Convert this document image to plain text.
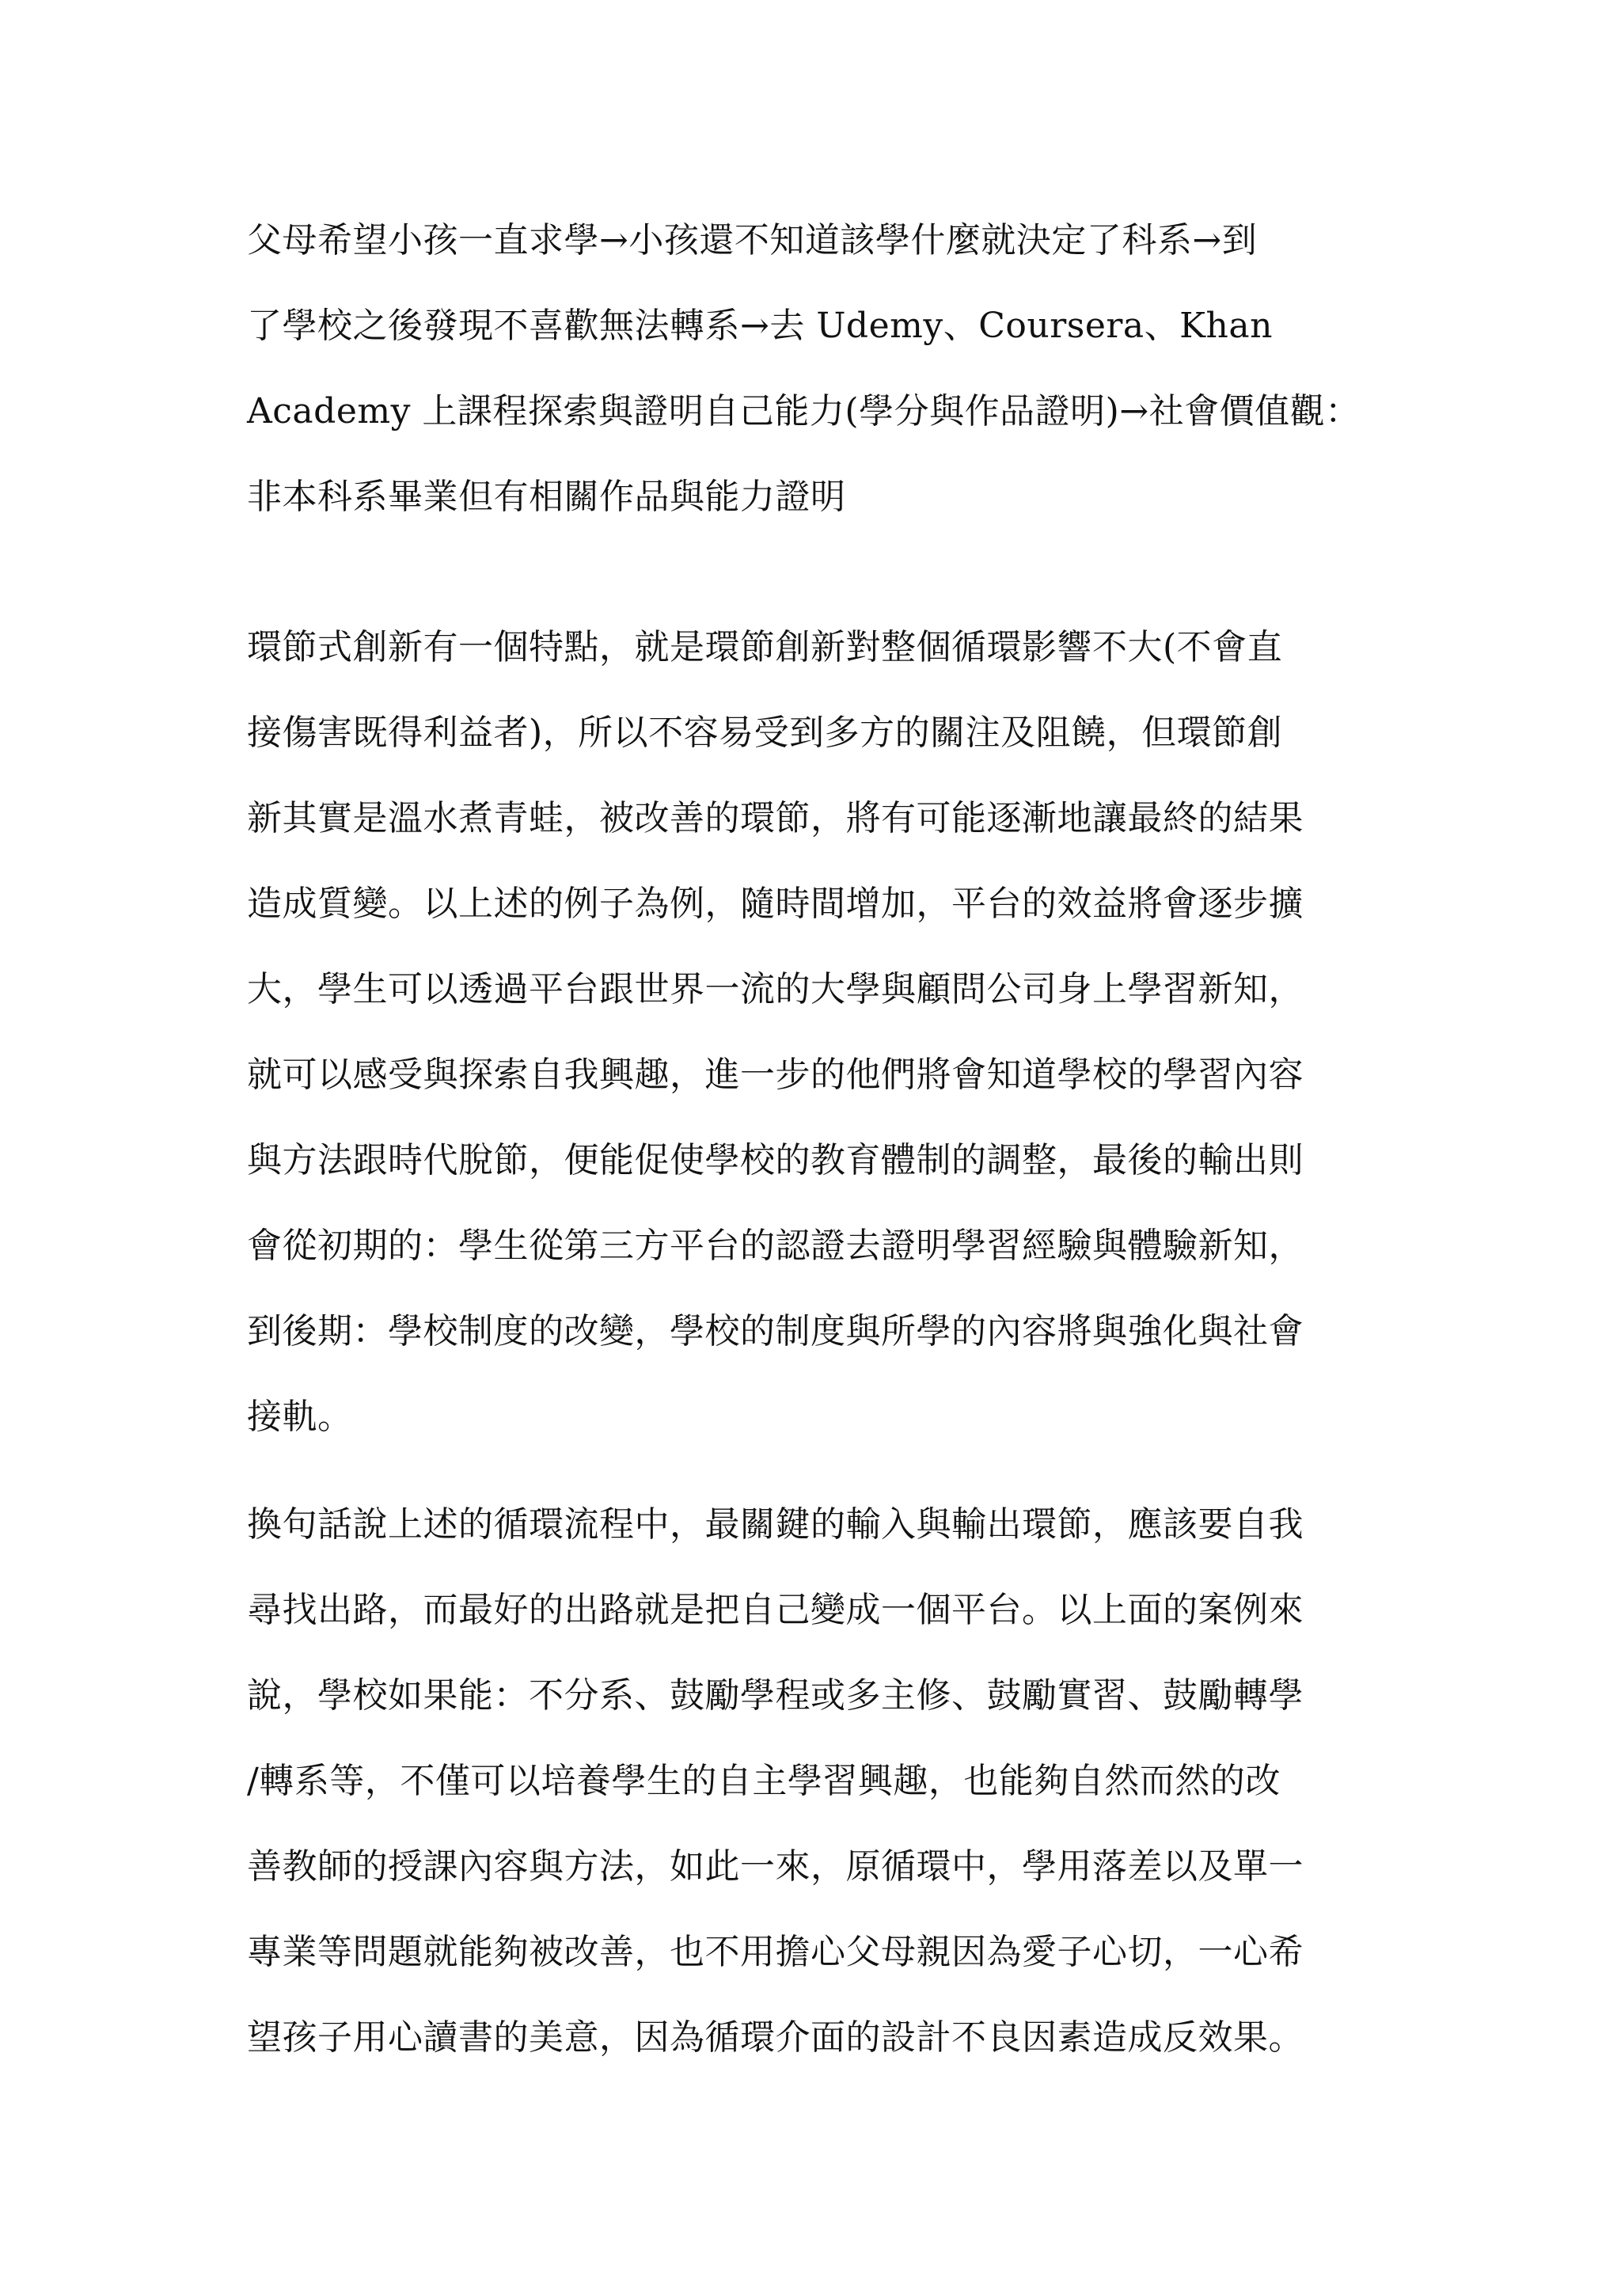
父母希望小孩一直求學→小孩還不知道該學什麼就決定了科系→到
了學校之後發現不喜歡無法轉系→去 Udemy、Coursera、Khan
Academy 上課程探索與證明自己能力(學分與作品證明)→社會價值觀：
非本科系畢業但有相關作品與能力證明

環節式創新有一個特點，就是環節創新對整個循環影響不大(不會直
接傷害既得利益者)，所以不容易受到多方的關注及阻饒，但環節創
新其實是溫水煮青蛙，被改善的環節，將有可能逐漸地讓最終的結果
造成質變。以上述的例子為例，隨時間增加，平台的效益將會逐步擴
大，學生可以透過平台跟世界一流的大學與顧問公司身上學習新知，
就可以感受與探索自我興趣，進一步的他們將會知道學校的學習內容
與方法跟時代脫節，便能促使學校的教育體制的調整，最後的輸出則
會從初期的：學生從第三方平台的認證去證明學習經驗與體驗新知，
到後期：學校制度的改變，學校的制度與所學的內容將與強化與社會
接軌。

換句話說上述的循環流程中，最關鍵的輸入與輸出環節，應該要自我
尋找出路，而最好的出路就是把自己變成一個平台。以上面的案例來
說，學校如果能：不分系、鼓勵學程或多主修、鼓勵實習、鼓勵轉學
/轉系等，不僅可以培養學生的自主學習興趣，也能夠自然而然的改
善教師的授課內容與方法，如此一來，原循環中，學用落差以及單一
專業等問題就能夠被改善，也不用擔心父母親因為愛子心切，一心希
望孩子用心讀書的美意，因為循環介面的設計不良因素造成反效果。
